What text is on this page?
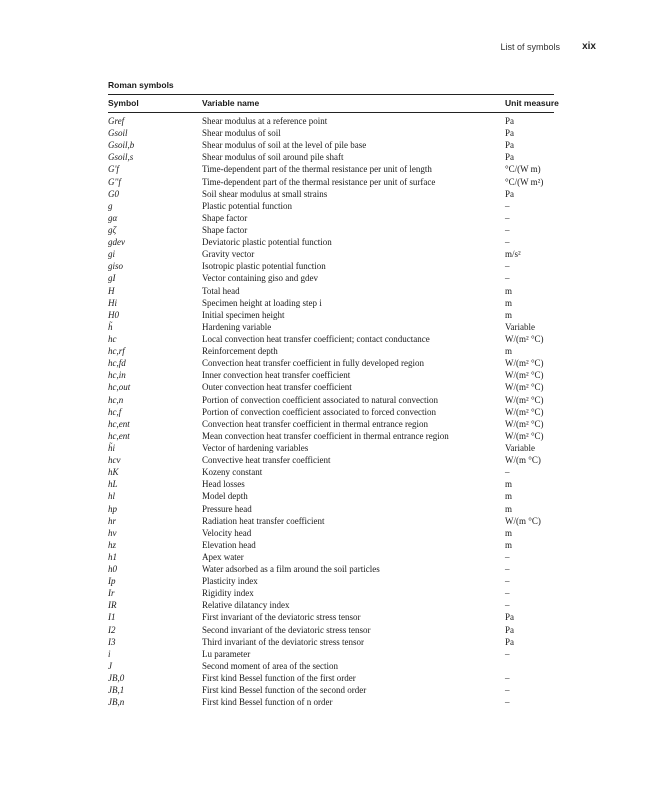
List of symbols xix
Roman symbols
Symbol	Variable name	Unit measure
Gref	Shear modulus at a reference point	Pa
Gsoil	Shear modulus of soil	Pa
Gsoil,b	Shear modulus of soil at the level of pile base	Pa
Gsoil,s	Shear modulus of soil around pile shaft	Pa
G'f	Time-dependent part of the thermal resistance per unit of length	°C/(W m)
G''f	Time-dependent part of the thermal resistance per unit of surface	°C/(W m²)
G0	Soil shear modulus at small strains	Pa
g	Plastic potential function	–
gα	Shape factor	–
gζ	Shape factor	–
gdev	Deviatoric plastic potential function	–
gi	Gravity vector	m/s²
giso	Isotropic plastic potential function	–
gI	Vector containing giso and gdev	–
H	Total head	m
Hi	Specimen height at loading step i	m
H0	Initial specimen height	m
h̃	Hardening variable	Variable
hc	Local convection heat transfer coefficient; contact conductance	W/(m² °C)
hc,rf	Reinforcement depth	m
hc,fd	Convection heat transfer coefficient in fully developed region	W/(m² °C)
hc,in	Inner convection heat transfer coefficient	W/(m² °C)
hc,out	Outer convection heat transfer coefficient	W/(m² °C)
hc,n	Portion of convection coefficient associated to natural convection	W/(m² °C)
hc,f	Portion of convection coefficient associated to forced convection	W/(m² °C)
hc,ent	Convection heat transfer coefficient in thermal entrance region	W/(m² °C)
hc,ent	Mean convection heat transfer coefficient in thermal entrance region	W/(m² °C)
h̃i	Vector of hardening variables	Variable
hcv	Convective heat transfer coefficient	W/(m °C)
hK	Kozeny constant	–
hL	Head losses	m
hl	Model depth	m
hp	Pressure head	m
hr	Radiation heat transfer coefficient	W/(m °C)
hv	Velocity head	m
hz	Elevation head	m
h1	Apex water	–
h0	Water adsorbed as a film around the soil particles	–
Ip	Plasticity index	–
Ir	Rigidity index	–
IR	Relative dilatancy index	–
I1	First invariant of the deviatoric stress tensor	Pa
I2	Second invariant of the deviatoric stress tensor	Pa
I3	Third invariant of the deviatoric stress tensor	Pa
i	Lu parameter	–
J	Second moment of area of the section
JB,0	First kind Bessel function of the first order	–
JB,1	First kind Bessel function of the second order	–
JB,n	First kind Bessel function of n order	–
